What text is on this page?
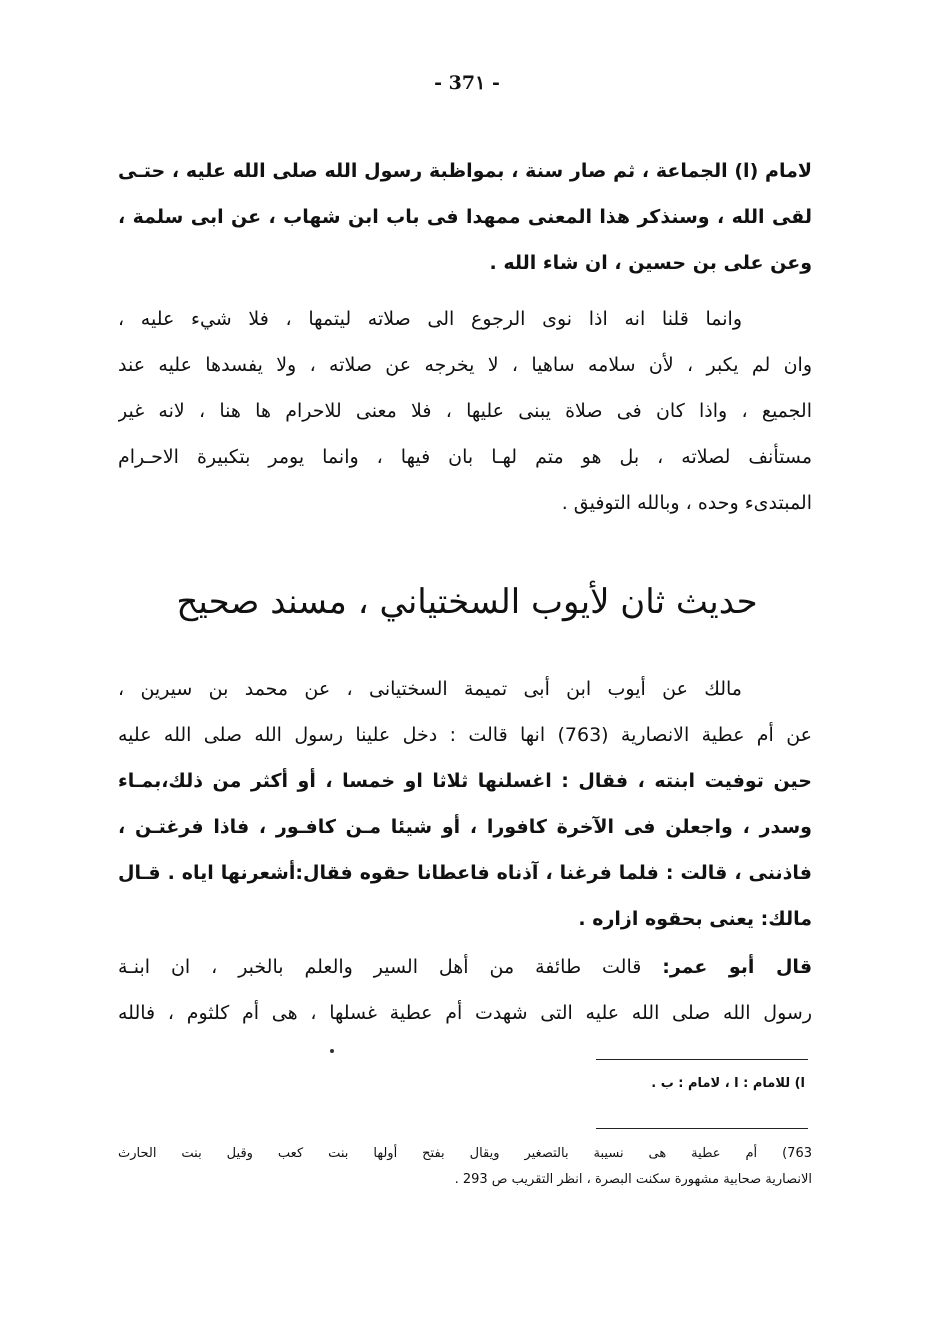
- 37١ -
لامام (ا) الجماعة ، ثم صار سنة ، بمواظبة رسول الله صلى الله عليه ، حتـى
لقى الله ، وسنذكر هذا المعنى ممهدا فى باب ابن شهاب ، عن ابى سلمة ،
وعن على بن حسين ، ان شاء الله .
وانما قلنا انه اذا نوى الرجوع الى صلاته ليتمها ، فلا شيء عليه ،
وان لم يكبر ، لأن سلامه ساهيا ، لا يخرجه عن صلاته ، ولا يفسدها عليه عند
الجميع ، واذا كان فى صلاة يبنى عليها ، فلا معنى للاحرام ها هنا ، لانه غير
مستأنف لصلاته ، بل هو متم لهـا بان فيها ، وانما يومر بتكبيرة الاحـرام
المبتدىء وحده ، وبالله التوفيق .
حديث ثان لأيوب السختياني ، مسند صحيح
مالك عن أيوب ابن أبى تميمة السختيانى ، عن محمد بن سيرين ،
عن أم عطية الانصارية (763) انها قالت : دخل علينا رسول الله صلى الله عليه
حين توفيت ابنته ، فقال : اغسلنها ثلاثا او خمسا ، أو أكثر من ذلك،بمـاء
وسدر ، واجعلن فى الآخرة كافورا ، أو شيئا مـن كافـور ، فاذا فرغتـن ،
فاذننى ، قالت : فلما فرغنا ، آذناه فاعطانا حقوه فقال:أشعرنها اياه . قـال
مالك: يعنى بحقوه ازاره .
قال أبو عمر: قالت طائفة من أهل السير والعلم بالخبر ، ان ابنـة
رسول الله صلى الله عليه التى شهدت أم عطية غسلها ، هى أم كلثوم ، فالله
ا) للامام : ا ، لامام : ب .
763) أم عطية هى نسيبة بالتصغير ويقال بفتح أولها بنت كعب وقيل بنت الحارث
الانصارية صحابية مشهورة سكنت البصرة ، انظر التقريب ص 293 .
